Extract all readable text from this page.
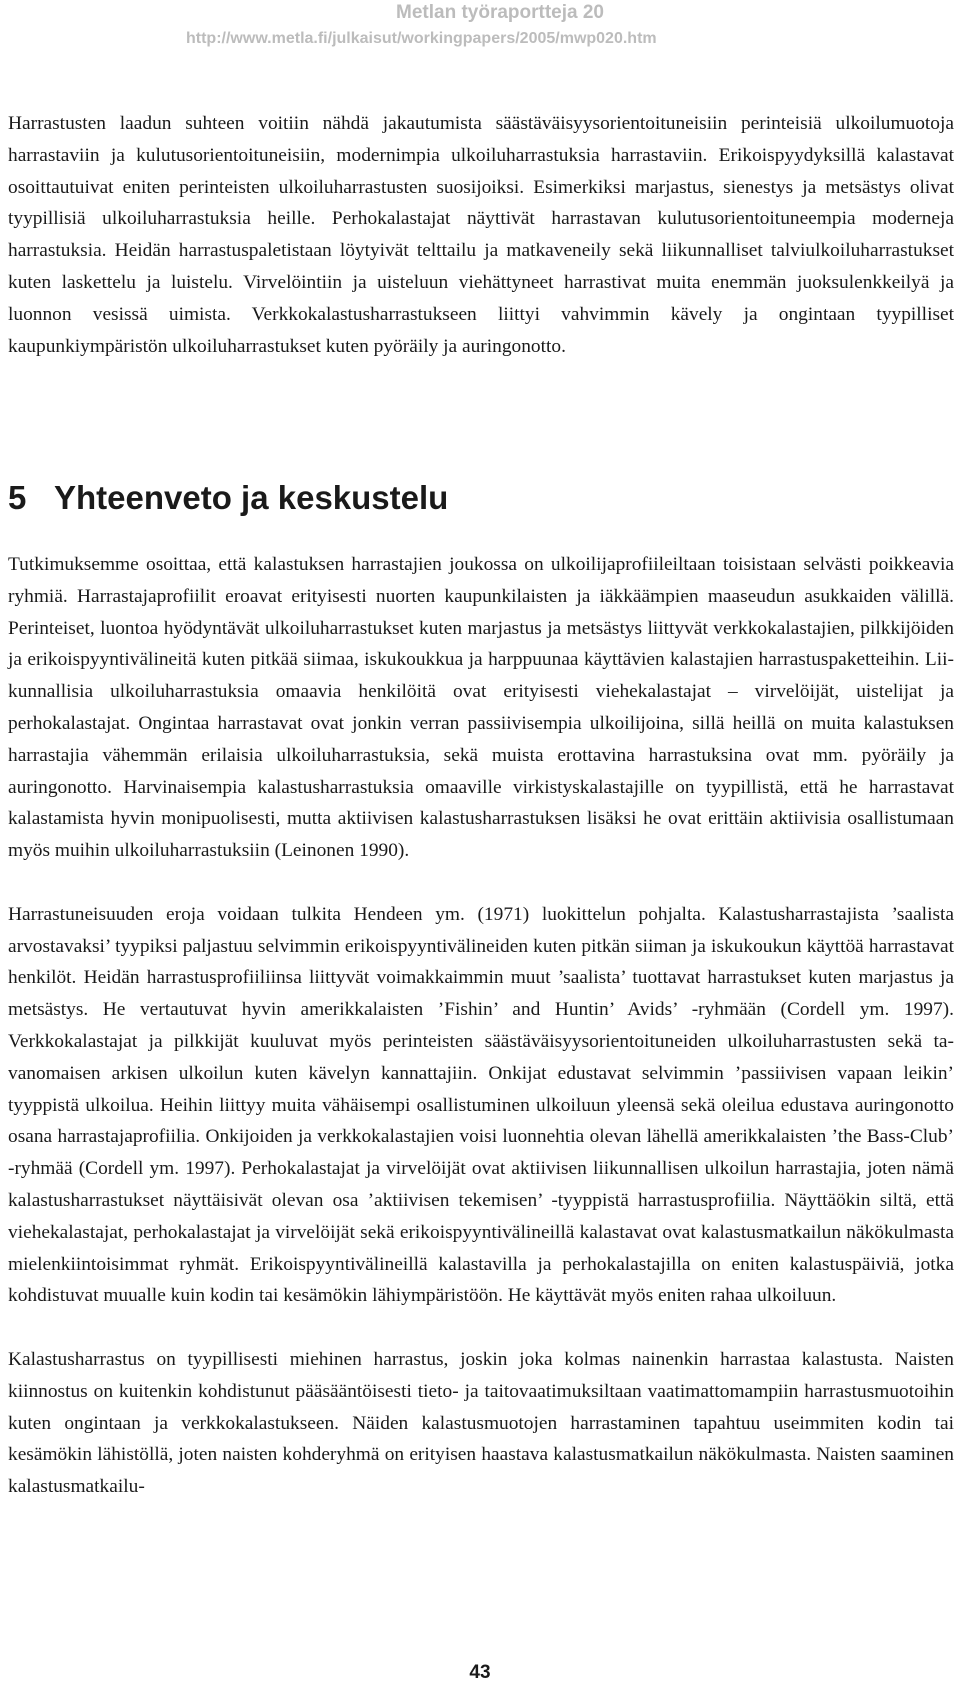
Metlan työraportteja 20
http://www.metla.fi/julkaisut/workingpapers/2005/mwp020.htm

Harrastusten laadun suhteen voitiin nähdä jakautumista säästäväisyysorientoituneisiin perinteisiä ulkoilumuotoja harrastaviin ja kulutusorientoituneisiin, modernimpia ulkoiluharrastuksia harrastaviin. Erikoispyydyksillä kalastavat osoittautuivat eniten perinteisten ulkoiluharrastusten suosijoiksi. Esimerkiksi marjastus, sienestys ja metsästys olivat tyypillisiä ulkoiluharrastuksia heille. Perhokalastajat näyttivät harrastavan kulutusorientoituneempia moderneja harrastuksia. Heidän harrastuspaletistaan löytyivät telttailu ja matkaveneily sekä liikunnalliset talviulkoiluharrastukset kuten laskettelu ja luistelu. Virvelöintiin ja uisteluun viehättyneet harrastivat muita enemmän juoksulenkkeilyä ja luonnon vesissä uimista. Verkkokalastusharrastukseen liittyi vahvimmin kävely ja ongintaan tyypilliset kaupunkiympäristön ulkoiluharrastukset kuten pyöräily ja auringonotto.

5 Yhteenveto ja keskustelu

Tutkimuksemme osoittaa, että kalastuksen harrastajien joukossa on ulkoilijaprofiileiltaan toisistaan selvästi poikkeavia ryhmiä. Harrastajaprofiilit eroavat erityisesti nuorten kaupunkilaisten ja iäkkäämpien maaseudun asukkaiden välillä. Perinteiset, luontoa hyödyntävät ulkoiluharrastukset kuten marjastus ja metsästys liittyvät verkkokalastajien, pilkkijöiden ja erikoispyyntivälineitä kuten pitkää siimaa, iskukoukkua ja harppuunaa käyttävien kalastajien harrastuspaketteihin. Liikunnallisia ulkoiluharrastuksia omaavia henkilöitä ovat erityisesti viehekalastajat – virvelöijät, uistelijat ja perhokalastajat. Ongintaa harrastavat ovat jonkin verran passiivisempia ulkoilijoina, sillä heillä on muita kalastuksen harrastajia vähemmän erilaisia ulkoiluharrastuksia, sekä muista erottavina harrastuksina ovat mm. pyöräily ja auringonotto. Harvinaisempia kalastusharrastuksia omaaville virkistyskalastajille on tyypillistä, että he harrastavat kalastamista hyvin monipuolisesti, mutta aktiivisen kalastusharrastuksen lisäksi he ovat erittäin aktiivisia osallistumaan myös muihin ulkoiluharrastuksiin (Leinonen 1990).

Harrastuneisuuden eroja voidaan tulkita Hendeen ym. (1971) luokittelun pohjalta. Kalastusharrastajista ’saalista arvostavaksi’ tyypiksi paljastuu selvimmin erikoispyyntivälineiden kuten pitkän siiman ja iskukoukun käyttöä harrastavat henkilöt. Heidän harrastusprofiiliinsa liittyvät voimakkaimmin muut ’saalista’ tuottavat harrastukset kuten marjastus ja metsästys. He vertautuvat hyvin amerikkalaisten ’Fishin’ and Huntin’ Avids’ -ryhmään (Cordell ym. 1997). Verkkokalastajat ja pilkkijät kuuluvat myös perinteisten säästäväisyysorientoituneiden ulkoiluharrastusten sekä tavanomaisen arkisen ulkoilun kuten kävelyn kannattajiin. Onkijat edustavat selvimmin ’passiivisen vapaan leikin’ tyyppistä ulkoilua. Heihin liittyy muita vähäisempi osallistuminen ulkoiluun yleensä sekä oleilua edustava auringonotto osana harrastajaprofiilia. Onkijoiden ja verkkokalastajien voisi luonnehtia olevan lähellä amerikkalaisten ’the Bass-Club’ -ryhmää (Cordell ym. 1997). Perhokalastajat ja virvelöijät ovat aktiivisen liikunnallisen ulkoilun harrastajia, joten nämä kalastusharrastukset näyttäisivät olevan osa ’aktiivisen tekemisen’ -tyyppistä harrastusprofiilia. Näyttäökin siltä, että viehekalastajat, perhokalastajat ja virvelöijät sekä erikoispyyntivälineillä kalastavat ovat kalastusmatkailun näkökulmasta mielenkiintoisimmat ryhmät. Erikoispyyntivälineillä kalastavilla ja perhokalastajilla on eniten kalastuspäiviä, jotka kohdistuvat muualle kuin kodin tai kesämökin lähiympäristöön. He käyttävät myös eniten rahaa ulkoiluun.

Kalastusharrastus on tyypillisesti miehinen harrastus, joskin joka kolmas nainenkin harrastaa kalastusta. Naisten kiinnostus on kuitenkin kohdistunut pääsääntöisesti tieto- ja taitovaatimuksiltaan vaatimattomampiin harrastusmuotoihin kuten ongintaan ja verkkokalastukseen. Näiden kalastusmuotojen harrastaminen tapahtuu useimmiten kodin tai kesämökin lähistöllä, joten naisten kohderyhmä on erityisen haastava kalastusmatkailun näkökulmasta. Naisten saaminen kalastusmatkailu-

43
